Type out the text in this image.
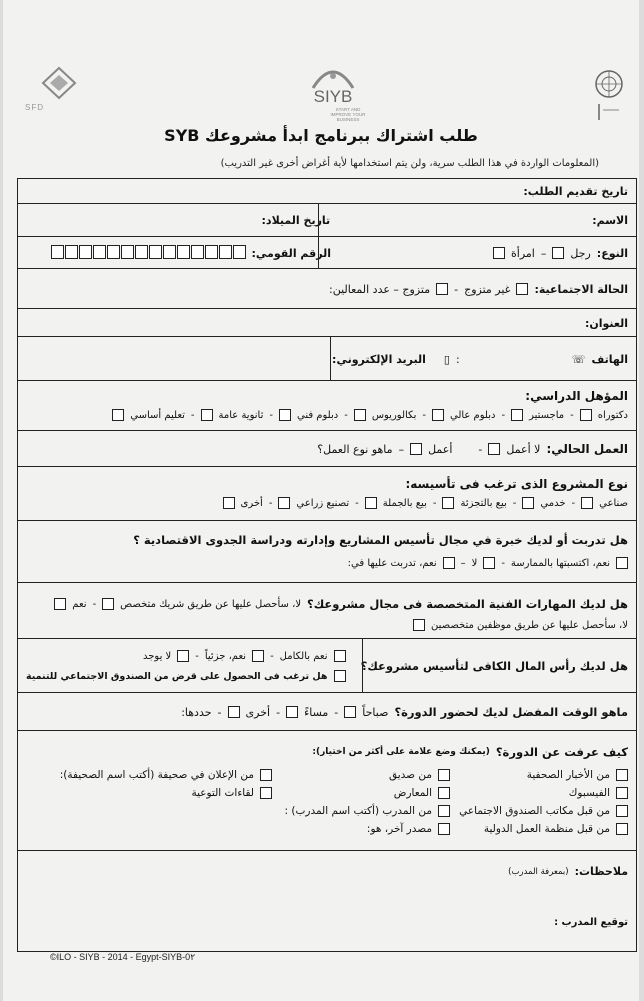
SIYB
START AND IMPROVE YOUR BUSINESS
SFD
طلب اشتراك ببرنامج ابدأ مشروعك SYB
(المعلومات الواردة في هذا الطلب سرية، ولن يتم استخدامها لأية أغراض أخرى غير التدريب)
تاريخ تقديم الطلب:
الاسم:
تاريخ الميلاد:
النوع:
رجل
–
امرأة
الرقم القومي:
الحالة الاجتماعية:
غير متزوج
-
متزوج – عدد المعالين:
العنوان:
الهاتف
☏
:
▯
البريد الإلكتروني:
المؤهل الدراسي:
دكتوراه
-
ماجستير
-
دبلوم عالي
-
بكالوريوس
-
دبلوم فني
-
ثانوية عامة
-
تعليم أساسي
العمل الحالي:
لا أعمل
-
أعمل
–
ماهو نوع العمل؟
نوع المشروع الذى ترغب فى تأسيسه:
صناعي
-
خدمي
-
بيع بالتجزئة
-
بيع بالجملة
-
تصنيع زراعي
-
أخرى
هل تدربت أو لديك خبرة في مجال تأسيس المشاريع وإدارته ودراسة الجدوى الاقتصادية ؟
نعم، اكتسبتها بالممارسة
-
لا
–
نعم، تدربت عليها في:
هل لديك المهارات الفنية المتخصصة فى مجال مشروعك؟
لا، سأحصل عليها عن طريق شريك متخصص
-
نعم
لا، سأحصل عليها عن طريق موظفين متخصصين
هل لديك رأس المال الكافى لتأسيس مشروعك؟
نعم بالكامل
-
نعم، جزئياً
-
لا يوجد
هل ترغب فى الحصول على قرض من الصندوق الاجتماعي للتنمية
ماهو الوقت المفضل لديك لحضور الدورة؟
صباحاً
-
مساءً
-
أخرى
-
حددها:
كيف عرفت عن الدورة؟
(يمكنك وضع علامة على أكثر من اختيار):
من الأخبار الصحفية
الفيسبوك
من قبل مكاتب الصندوق الاجتماعي
من قبل منظمة العمل الدولية
من صديق
المعارض
من المدرب (أكتب اسم المدرب) :
مصدر آخر، هو:
من الإعلان في صحيفة (أكتب اسم الصحيفة):
لقاءات التوعية
ملاحظات:
(بمعرفة المدرب)
توقيع المدرب :
©ILO - SIYB - 2014 - Egypt-SIYB-0٢
